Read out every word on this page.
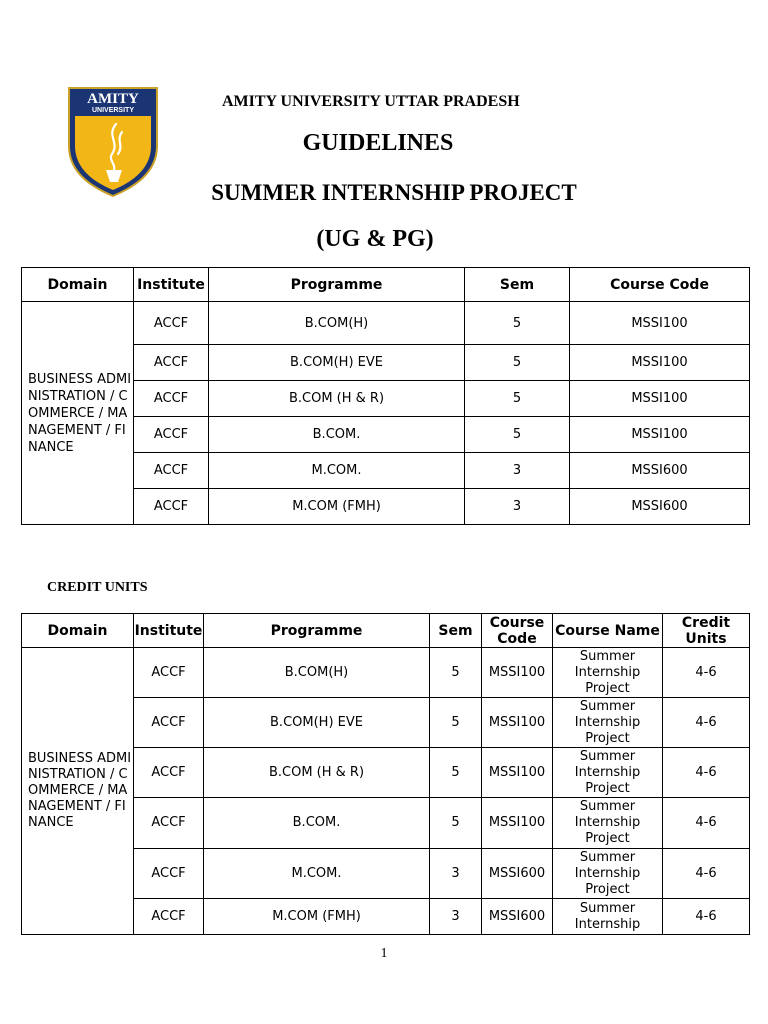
AMITY
UNIVERSITY
AMITY UNIVERSITY UTTAR PRADESH
GUIDELINES
SUMMER INTERNSHIP PROJECT
(UG & PG)
Domain	Institute	Programme	Sem	Course Code
BUSINESS ADMINISTRATION / COMMERCE / MANAGEMENT / FINANCE	ACCF	B.COM(H)	5	MSSI100
	ACCF	B.COM(H) EVE	5	MSSI100
	ACCF	B.COM (H & R)	5	MSSI100
	ACCF	B.COM.	5	MSSI100
	ACCF	M.COM.	3	MSSI600
	ACCF	M.COM (FMH)	3	MSSI600
CREDIT UNITS
Domain	Institute	Programme	Sem	Course Code	Course Name	Credit Units
BUSINESS ADMINISTRATION / COMMERCE / MANAGEMENT / FINANCE	ACCF	B.COM(H)	5	MSSI100	Summer Internship Project	4-6
	ACCF	B.COM(H) EVE	5	MSSI100	Summer Internship Project	4-6
	ACCF	B.COM (H & R)	5	MSSI100	Summer Internship Project	4-6
	ACCF	B.COM.	5	MSSI100	Summer Internship Project	4-6
	ACCF	M.COM.	3	MSSI600	Summer Internship Project	4-6
	ACCF	M.COM (FMH)	3	MSSI600	Summer Internship	4-6
1
